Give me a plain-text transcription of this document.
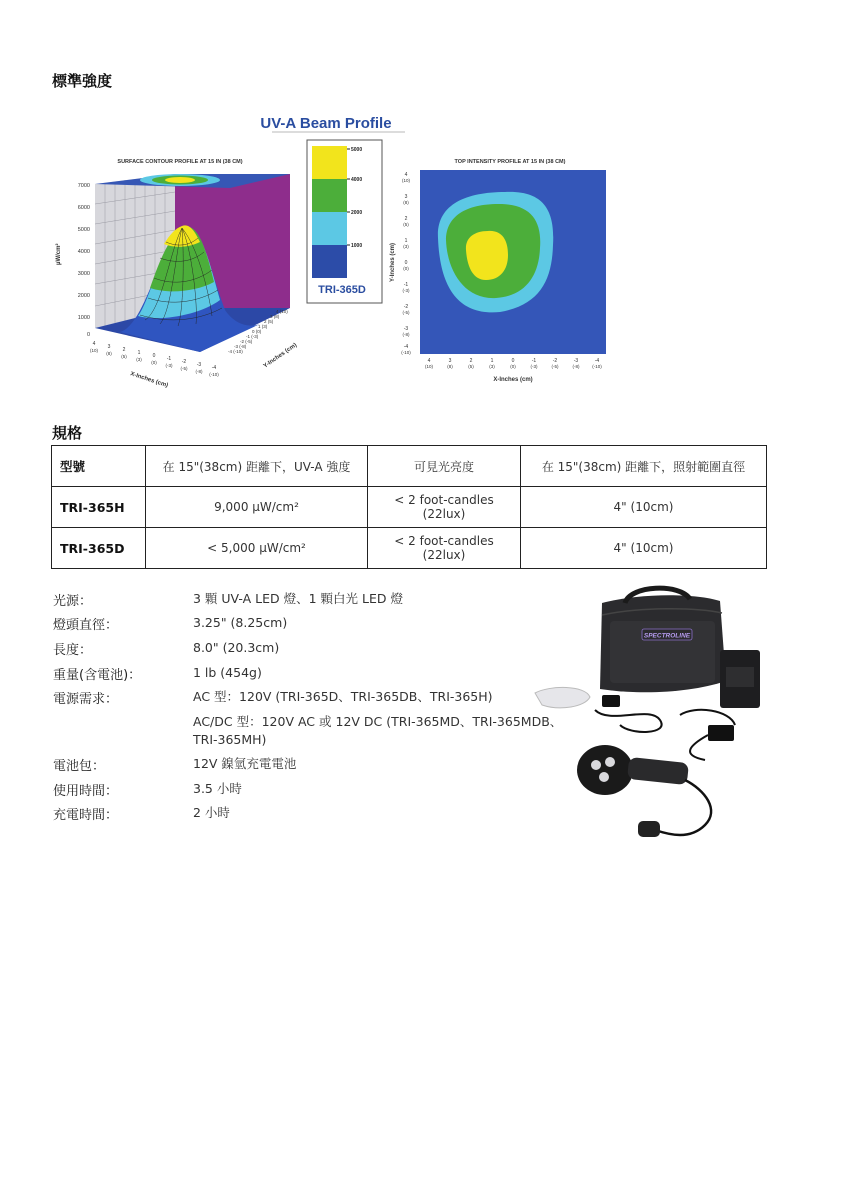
標準強度
UV-A Beam Profile
SURFACE CONTOUR PROFILE AT 15 IN (38 CM)
7000
6000
5000
4000
3000
2000
1000
0
µW/cm²
4 3 2 1 0 -1 -2 -3 -4
(10)
(8)
(5)
(3)
(0)
(-3)
(-5)
(-8)
(-10)
X-Inches (cm)
4 (10)
3 (8)
2 (5)
1 (3)
0 (0)
-1 (-3)
-2 (-5)
-3 (-8)
-4 (-10)	Y-Inches (cm)
5000
4000
2000
1000
TRI-365D
TOP INTENSITY PROFILE AT 15 IN (38 CM)
4
3
2
1
0
-1
-2
-3
-4
(10)
(8)
(5)
(3)
(0)
(-3)
(-5)
(-8)
(-10)
Y-Inches (cm)
4	3	2	1	0	-1	-2	-3	-4
(10)	(8)	(5)	(3)	(0)	(-3)	(-5)	(-8)	(-10)
X-Inches (cm)
規格
型號	在 15"(38cm) 距離下，UV-A 強度	可見光亮度	在 15"(38cm) 距離下，照射範圍直徑
TRI-365H	9,000 µW/cm²	< 2 foot-candles (22lux)	4" (10cm)
TRI-365D	< 5,000 µW/cm²	< 2 foot-candles (22lux)	4" (10cm)
光源：	3 顆 UV-A LED 燈、1 顆白光 LED 燈
燈頭直徑：	3.25" (8.25cm)
長度：	8.0" (20.3cm)
重量(含電池)：	1 lb (454g)
電源需求：	AC 型：120V (TRI-365D、TRI-365DB、TRI-365H)
AC/DC 型：120V AC 或 12V DC (TRI-365MD、TRI-365MDB、
TRI-365MH)
電池包：	12V 鎳氫充電電池
使用時間：	3.5 小時
充電時間：	2 小時
SPECTROLINE
